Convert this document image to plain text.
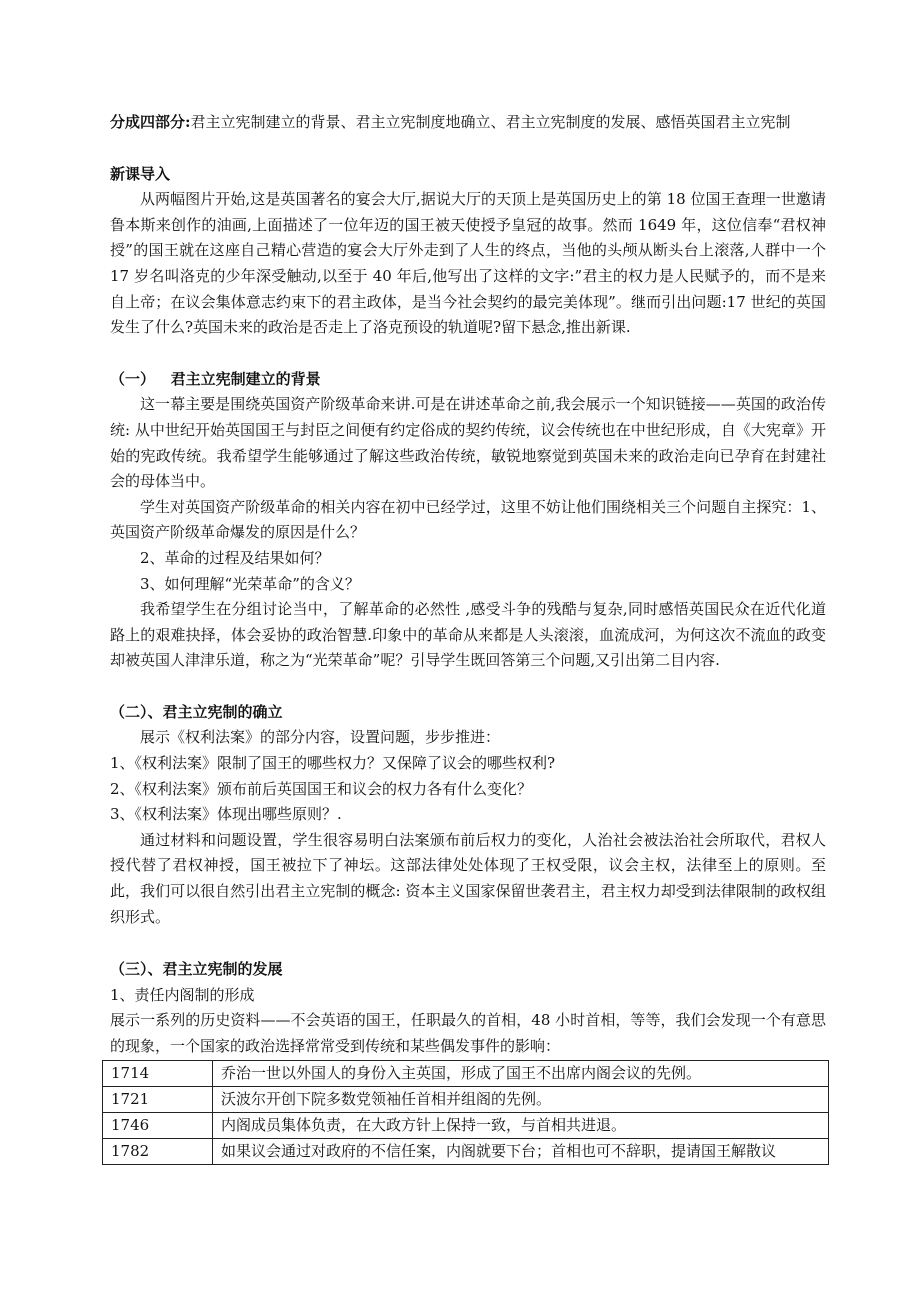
分成四部分:君主立宪制建立的背景、君主立宪制度地确立、君主立宪制度的发展、感悟英国君主立宪制

新课导入

从两幅图片开始,这是英国著名的宴会大厅,据说大厅的天顶上是英国历史上的第 18 位国王查理一世邀请鲁本斯来创作的油画,上面描述了一位年迈的国王被天使授予皇冠的故事。然而 1649 年，这位信奉“君权神授”的国王就在这座自己精心营造的宴会大厅外走到了人生的终点，当他的头颅从断头台上滚落,人群中一个 17 岁名叫洛克的少年深受触动,以至于 40 年后,他写出了这样的文字:”君主的权力是人民赋予的，而不是来自上帝；在议会集体意志约束下的君主政体，是当今社会契约的最完美体现”。继而引出问题:17 世纪的英国发生了什么?英国未来的政治是否走上了洛克预设的轨道呢?留下悬念,推出新课.

（一）   君主立宪制建立的背景

这一幕主要是围绕英国资产阶级革命来讲.可是在讲述革命之前,我会展示一个知识链接——英国的政治传统: 从中世纪开始英国国王与封臣之间便有约定俗成的契约传统，议会传统也在中世纪形成，自《大宪章》开始的宪政传统。我希望学生能够通过了解这些政治传统，敏锐地察觉到英国未来的政治走向已孕育在封建社会的母体当中。

学生对英国资产阶级革命的相关内容在初中已经学过，这里不妨让他们围绕相关三个问题自主探究：1、英国资产阶级革命爆发的原因是什么？

2、革命的过程及结果如何？

3、如何理解“光荣革命”的含义？

我希望学生在分组讨论当中，了解革命的必然性 ,感受斗争的残酷与复杂,同时感悟英国民众在近代化道路上的艰难抉择，体会妥协的政治智慧.印象中的革命从来都是人头滚滚，血流成河，为何这次不流血的政变却被英国人津津乐道，称之为“光荣革命”呢？引导学生既回答第三个问题,又引出第二目内容.

（二）、君主立宪制的确立

展示《权利法案》的部分内容，设置问题，步步推进：

1、《权利法案》限制了国王的哪些权力？又保障了议会的哪些权利?

2、《权利法案》颁布前后英国国王和议会的权力各有什么变化？

3、《权利法案》体现出哪些原则？.

通过材料和问题设置，学生很容易明白法案颁布前后权力的变化，人治社会被法治社会所取代，君权人授代替了君权神授，国王被拉下了神坛。这部法律处处体现了王权受限，议会主权，法律至上的原则。至此，我们可以很自然引出君主立宪制的概念: 资本主义国家保留世袭君主，君主权力却受到法律限制的政权组织形式。

（三）、君主立宪制的发展

1、责任内阁制的形成

展示一系列的历史资料——不会英语的国王，任职最久的首相，48 小时首相，等等，我们会发现一个有意思的现象，一个国家的政治选择常常受到传统和某些偶发事件的影响：

1714	乔治一世以外国人的身份入主英国，形成了国王不出席内阁会议的先例。
1721	沃波尔开创下院多数党领袖任首相并组阁的先例。
1746	内阁成员集体负责，在大政方针上保持一致，与首相共进退。
1782	如果议会通过对政府的不信任案，内阁就要下台；首相也可不辞职，提请国王解散议
